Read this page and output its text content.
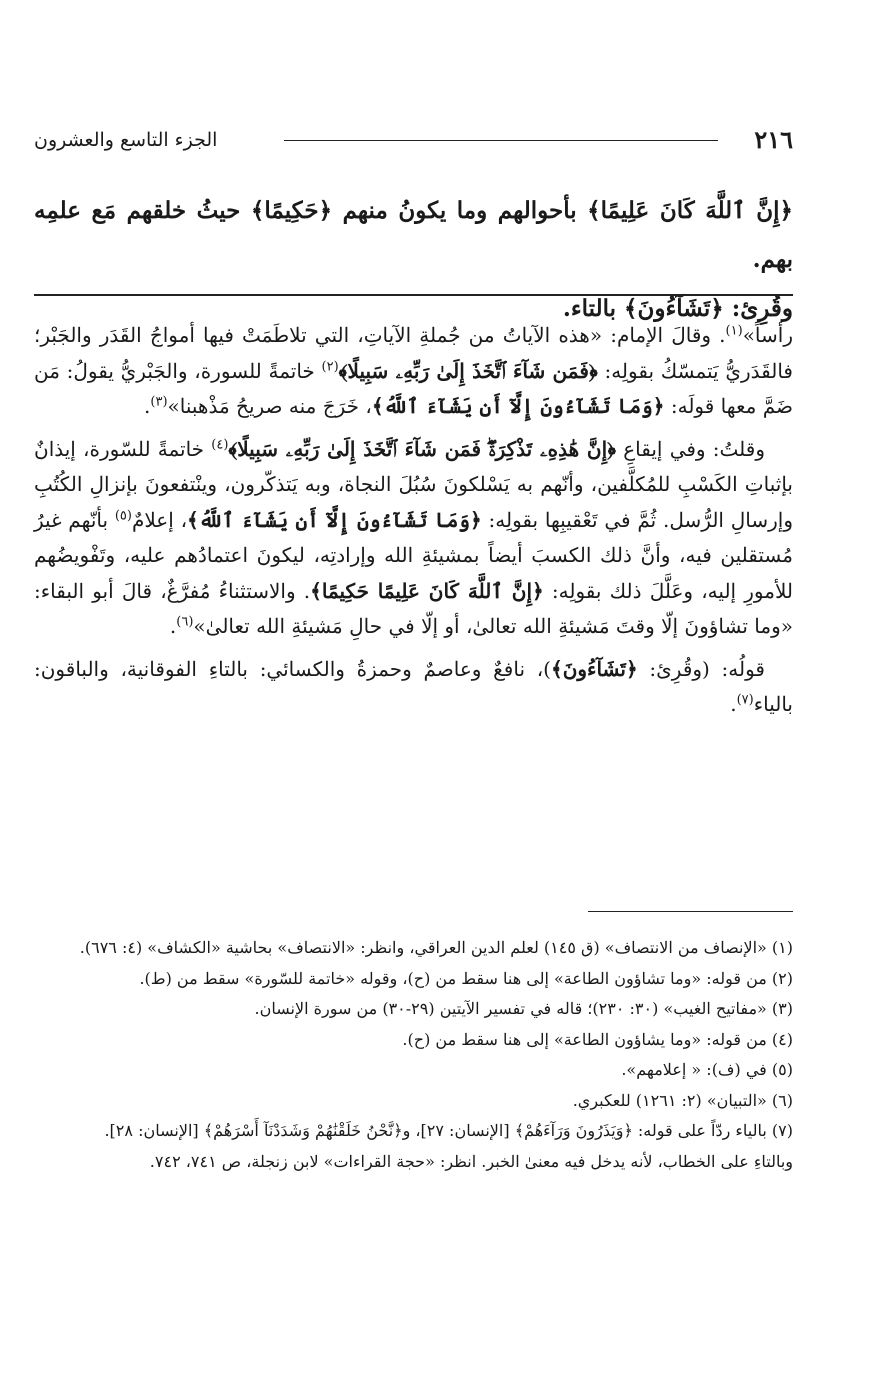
٢١٦
الجزء التاسع والعشرون

﴿إِنَّ ٱللَّهَ كَانَ عَلِيمًا﴾ بأحوالهم وما يكونُ منهم ﴿حَكِيمًا﴾ حيثُ خلقهم مَع علمِه بهم.

وقُرِئ: ﴿تَشَآءُونَ﴾ بالتاء.

رأساً»$^{(١)}$. وقالَ الإمام: «هذه الآياتُ من جُملةِ الآياتِ، التي تلاطَمَتْ فيها أمواجُ القَدَر والجَبْر؛ فالقَدَريُّ يَتمسّكُ بقولِه: ﴿فَمَن شَآءَ ٱتَّخَذَ إِلَىٰ رَبِّهِۦ سَبِيلًا﴾$^{(٢)}$ خاتمةً للسورة، والجَبْريُّ يقولُ: مَن ضَمَّ معها قولَه: ﴿وَمَا تَشَآءُونَ إِلَّآ أَن يَشَآءَ ٱللَّهُ﴾، خَرَجَ منه صريحُ مَذْهبنا»$^{(٣)}$.

وقلتُ: وفي إيقاعِ ﴿إِنَّ هَٰذِهِۦ تَذْكِرَةٌۖ فَمَن شَآءَ ٱتَّخَذَ إِلَىٰ رَبِّهِۦ سَبِيلًا﴾$^{(٤)}$ خاتمةً للسّورة، إيذانٌ بإثباتِ الكَسْبِ للمُكلَّفين، وأنّهم به يَسْلكونَ سُبُلَ النجاة، وبه يَتذكّرون، وينْتفعونَ بإنزالِ الكُتُبِ وإرسالِ الرُّسل. ثُمَّ في تَعْقيبِها بقولِه: ﴿وَمَا تَشَآءُونَ إِلَّآ أَن يَشَآءَ ٱللَّهُ﴾، إعلامٌ$^{(٥)}$ بأنّهم غيرُ مُستقلين فيه، وأنَّ ذلك الكسبَ أيضاً بمشيئةِ الله وإرادتِه، ليكونَ اعتمادُهم عليه، وتَفْويضُهم للأمورِ إليه، وعَلَّلَ ذلك بقولِه: ﴿إِنَّ ٱللَّهَ كَانَ عَلِيمًا حَكِيمًا﴾. والاستثناءُ مُفرَّغٌ، قالَ أبو البقاء: «وما تشاؤونَ إلّا وقتَ مَشيئةِ الله تعالىٰ، أو إلّا في حالِ مَشيئةِ الله تعالىٰ»$^{(٦)}$.

قولُه: (وقُرِئ: ﴿تَشَآءُونَ﴾)، نافعٌ وعاصمٌ وحمزةُ والكسائي: بالتاءِ الفوقانية، والباقون: بالياء$^{(٧)}$.

(١) «الإنصاف من الانتصاف» (ق ١٤٥) لعلم الدين العراقي، وانظر: «الانتصاف» بحاشية «الكشاف» (٤: ٦٧٦).

(٢) من قوله: «وما تشاؤون الطاعة» إلى هنا سقط من (ح)، وقوله «خاتمة للسّورة» سقط من (ط).

(٣) «مفاتيح الغيب» (٣٠: ٢٣٠)؛ قاله في تفسير الآيتين (٢٩-٣٠) من سورة الإنسان.

(٤) من قوله: «وما يشاؤون الطاعة» إلى هنا سقط من (ح).

(٥) في (ف): « إعلامهم».

(٦) «التبيان» (٢: ١٢٦١) للعكبري.

(٧) بالياء ردّاً على قوله: ﴿وَيَذَرُونَ وَرَآءَهُمْ﴾ [الإنسان: ٢٧]، و﴿نَّحْنُ خَلَقْنَٰهُمْ وَشَدَدْنَآ أَسْرَهُمْ﴾ [الإنسان: ٢٨].

وبالتاءِ على الخطاب، لأنه يدخل فيه معنىٰ الخبر. انظر: «حجة القراءات» لابن زنجلة، ص ٧٤١، ٧٤٢.
